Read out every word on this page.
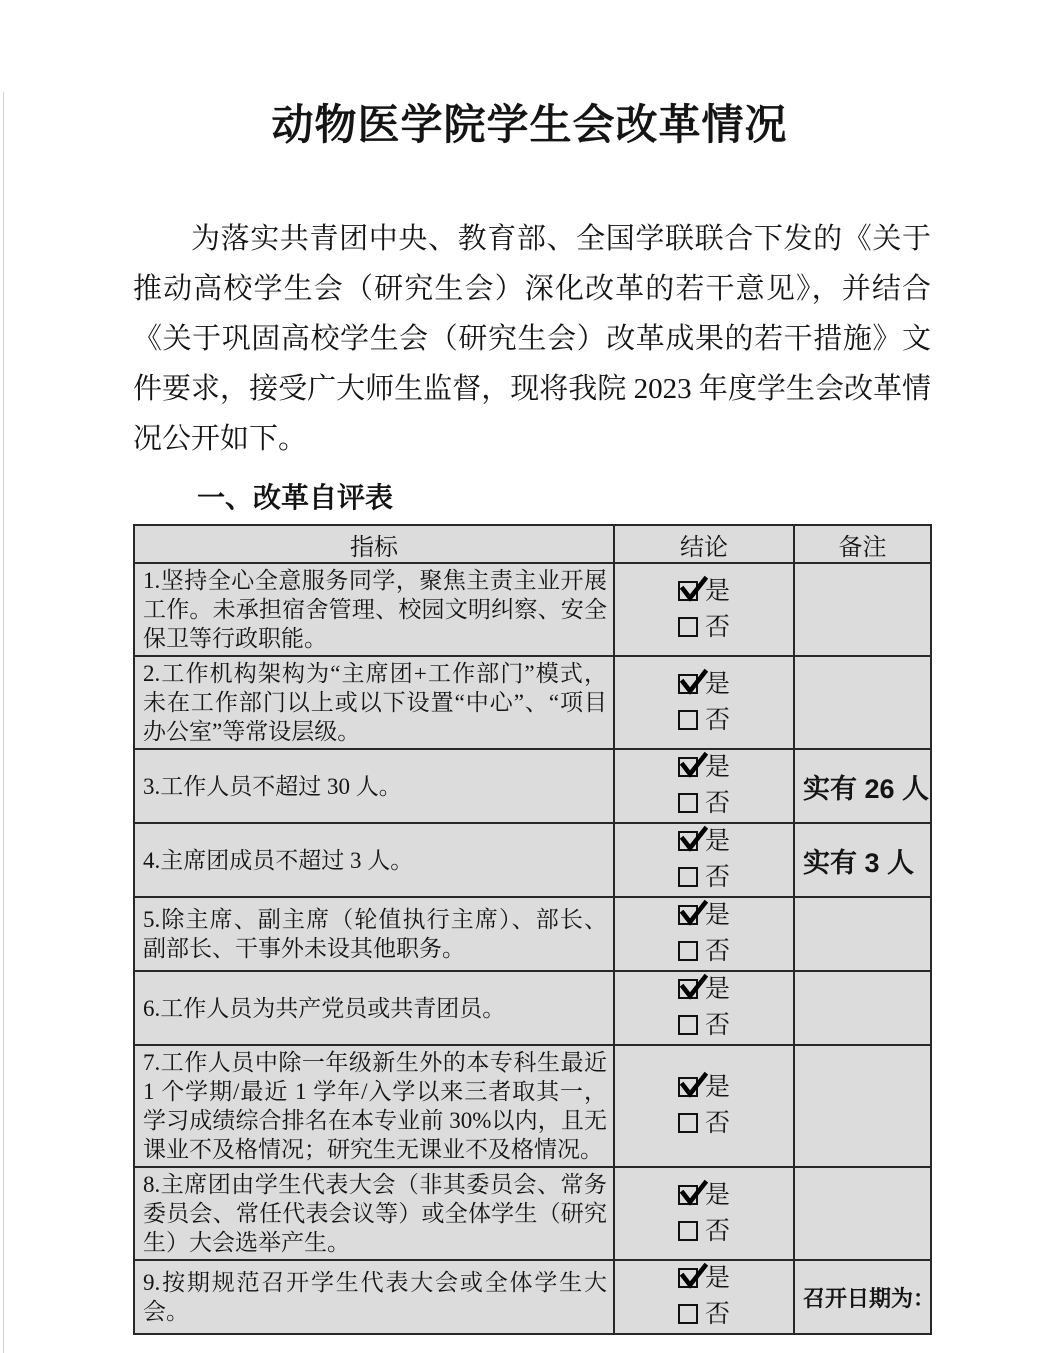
动物医学院学生会改革情况

为落实共青团中央、教育部、全国学联联合下发的《关于推动高校学生会（研究生会）深化改革的若干意见》，并结合《关于巩固高校学生会（研究生会）改革成果的若干措施》文件要求，接受广大师生监督，现将我院 2023 年度学生会改革情况公开如下。

一、改革自评表
指标	结论	备注
1.坚持全心全意服务同学，聚焦主责主业开展工作。未承担宿舍管理、校园文明纠察、安全保卫等行政职能。	是
否	

2.工作机构架构为“主席团+工作部门”模式，未在工作部门以上或以下设置“中心”、“项目办公室”等常设层级。	是
否	

3.工作人员不超过 30 人。	是
否	实有 26 人
4.主席团成员不超过 3 人。	是
否	实有 3 人
5.除主席、副主席（轮值执行主席）、部长、副部长、干事外未设其他职务。	是
否	

6.工作人员为共产党员或共青团员。	是
否	

7.工作人员中除一年级新生外的本专科生最近 1 个学期/最近 1 学年/入学以来三者取其一，学习成绩综合排名在本专业前 30%以内，且无课业不及格情况；研究生无课业不及格情况。	是
否	

8.主席团由学生代表大会（非其委员会、常务委员会、常任代表会议等）或全体学生（研究生）大会选举产生。	是
否	

9.按期规范召开学生代表大会或全体学生大会。	是
否	召开日期为：
